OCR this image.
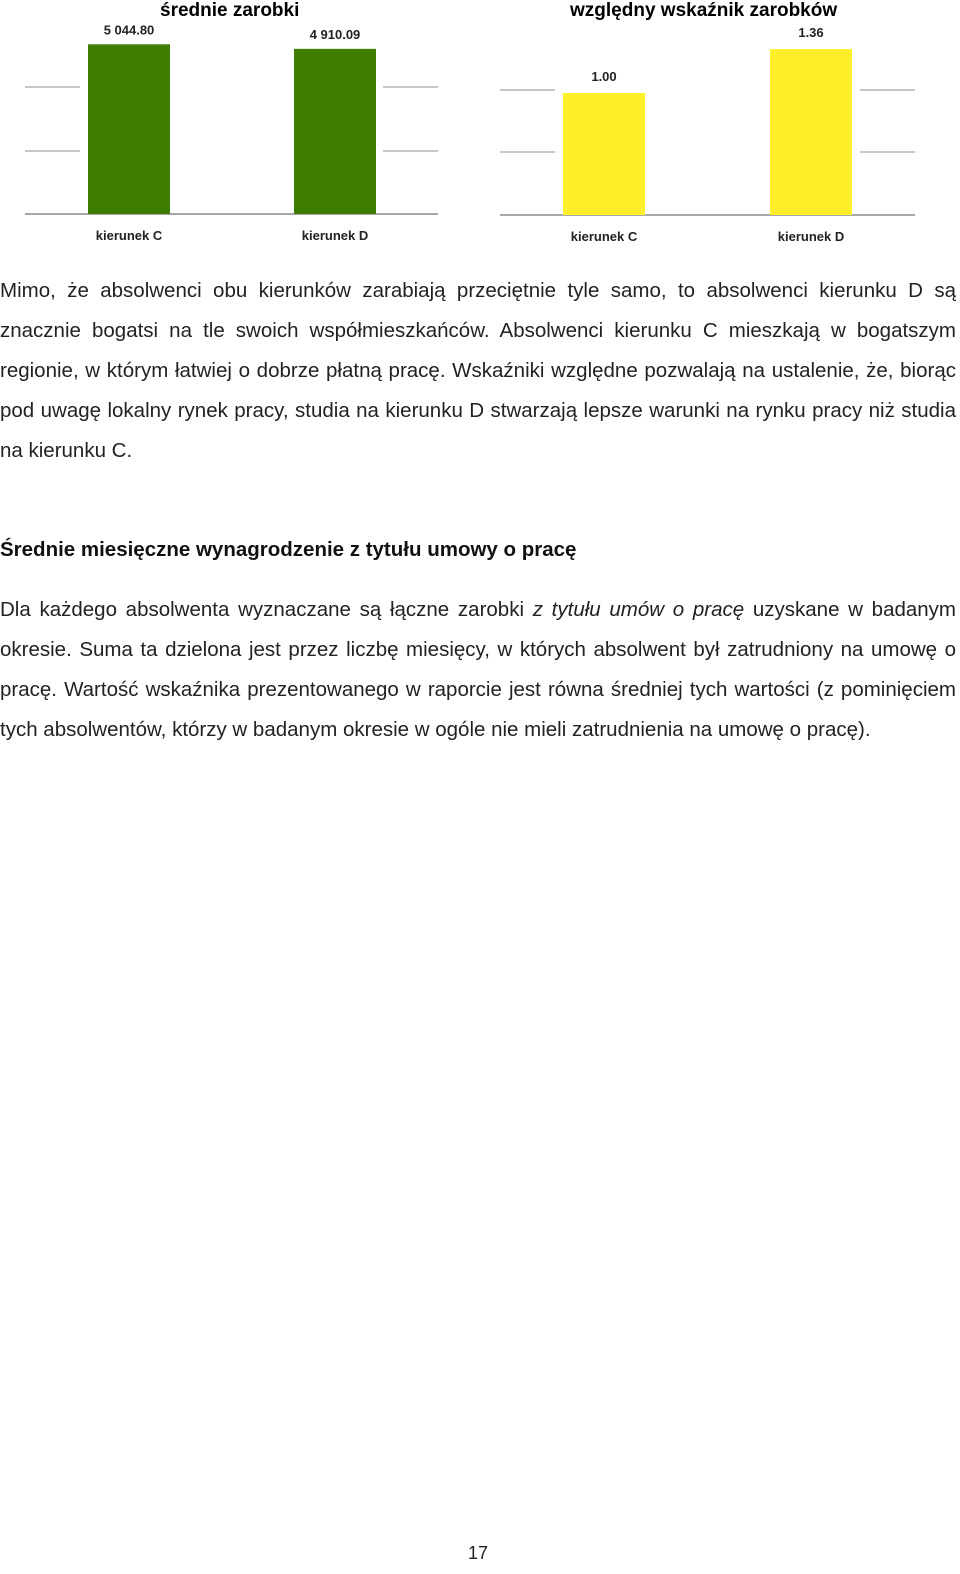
średnie zarobki
5 044.80
kierunek C
4 910.09
kierunek D
względny wskaźnik zarobków
1.00
kierunek C
1.36
kierunek D

Mimo, że absolwenci obu kierunków zarabiają przeciętnie tyle samo, to absolwenci kierunku D są znacznie bogatsi na tle swoich współmieszkańców. Absolwenci kierunku C mieszkają w bogatszym regionie, w którym łatwiej o dobrze płatną pracę. Wskaźniki względne pozwalają na ustalenie, że, biorąc pod uwagę lokalny rynek pracy, studia na kierunku D stwarzają lepsze warunki na rynku pracy niż studia na kierunku C.

Średnie miesięczne wynagrodzenie z tytułu umowy o pracę

Dla każdego absolwenta wyznaczane są łączne zarobki z tytułu umów o pracę uzyskane w badanym okresie. Suma ta dzielona jest przez liczbę miesięcy, w których absolwent był zatrudniony na umowę o pracę. Wartość wskaźnika prezentowanego w raporcie jest równa średniej tych wartości (z pominięciem tych absolwentów, którzy w badanym okresie w ogóle nie mieli zatrudnienia na umowę o pracę).

17
